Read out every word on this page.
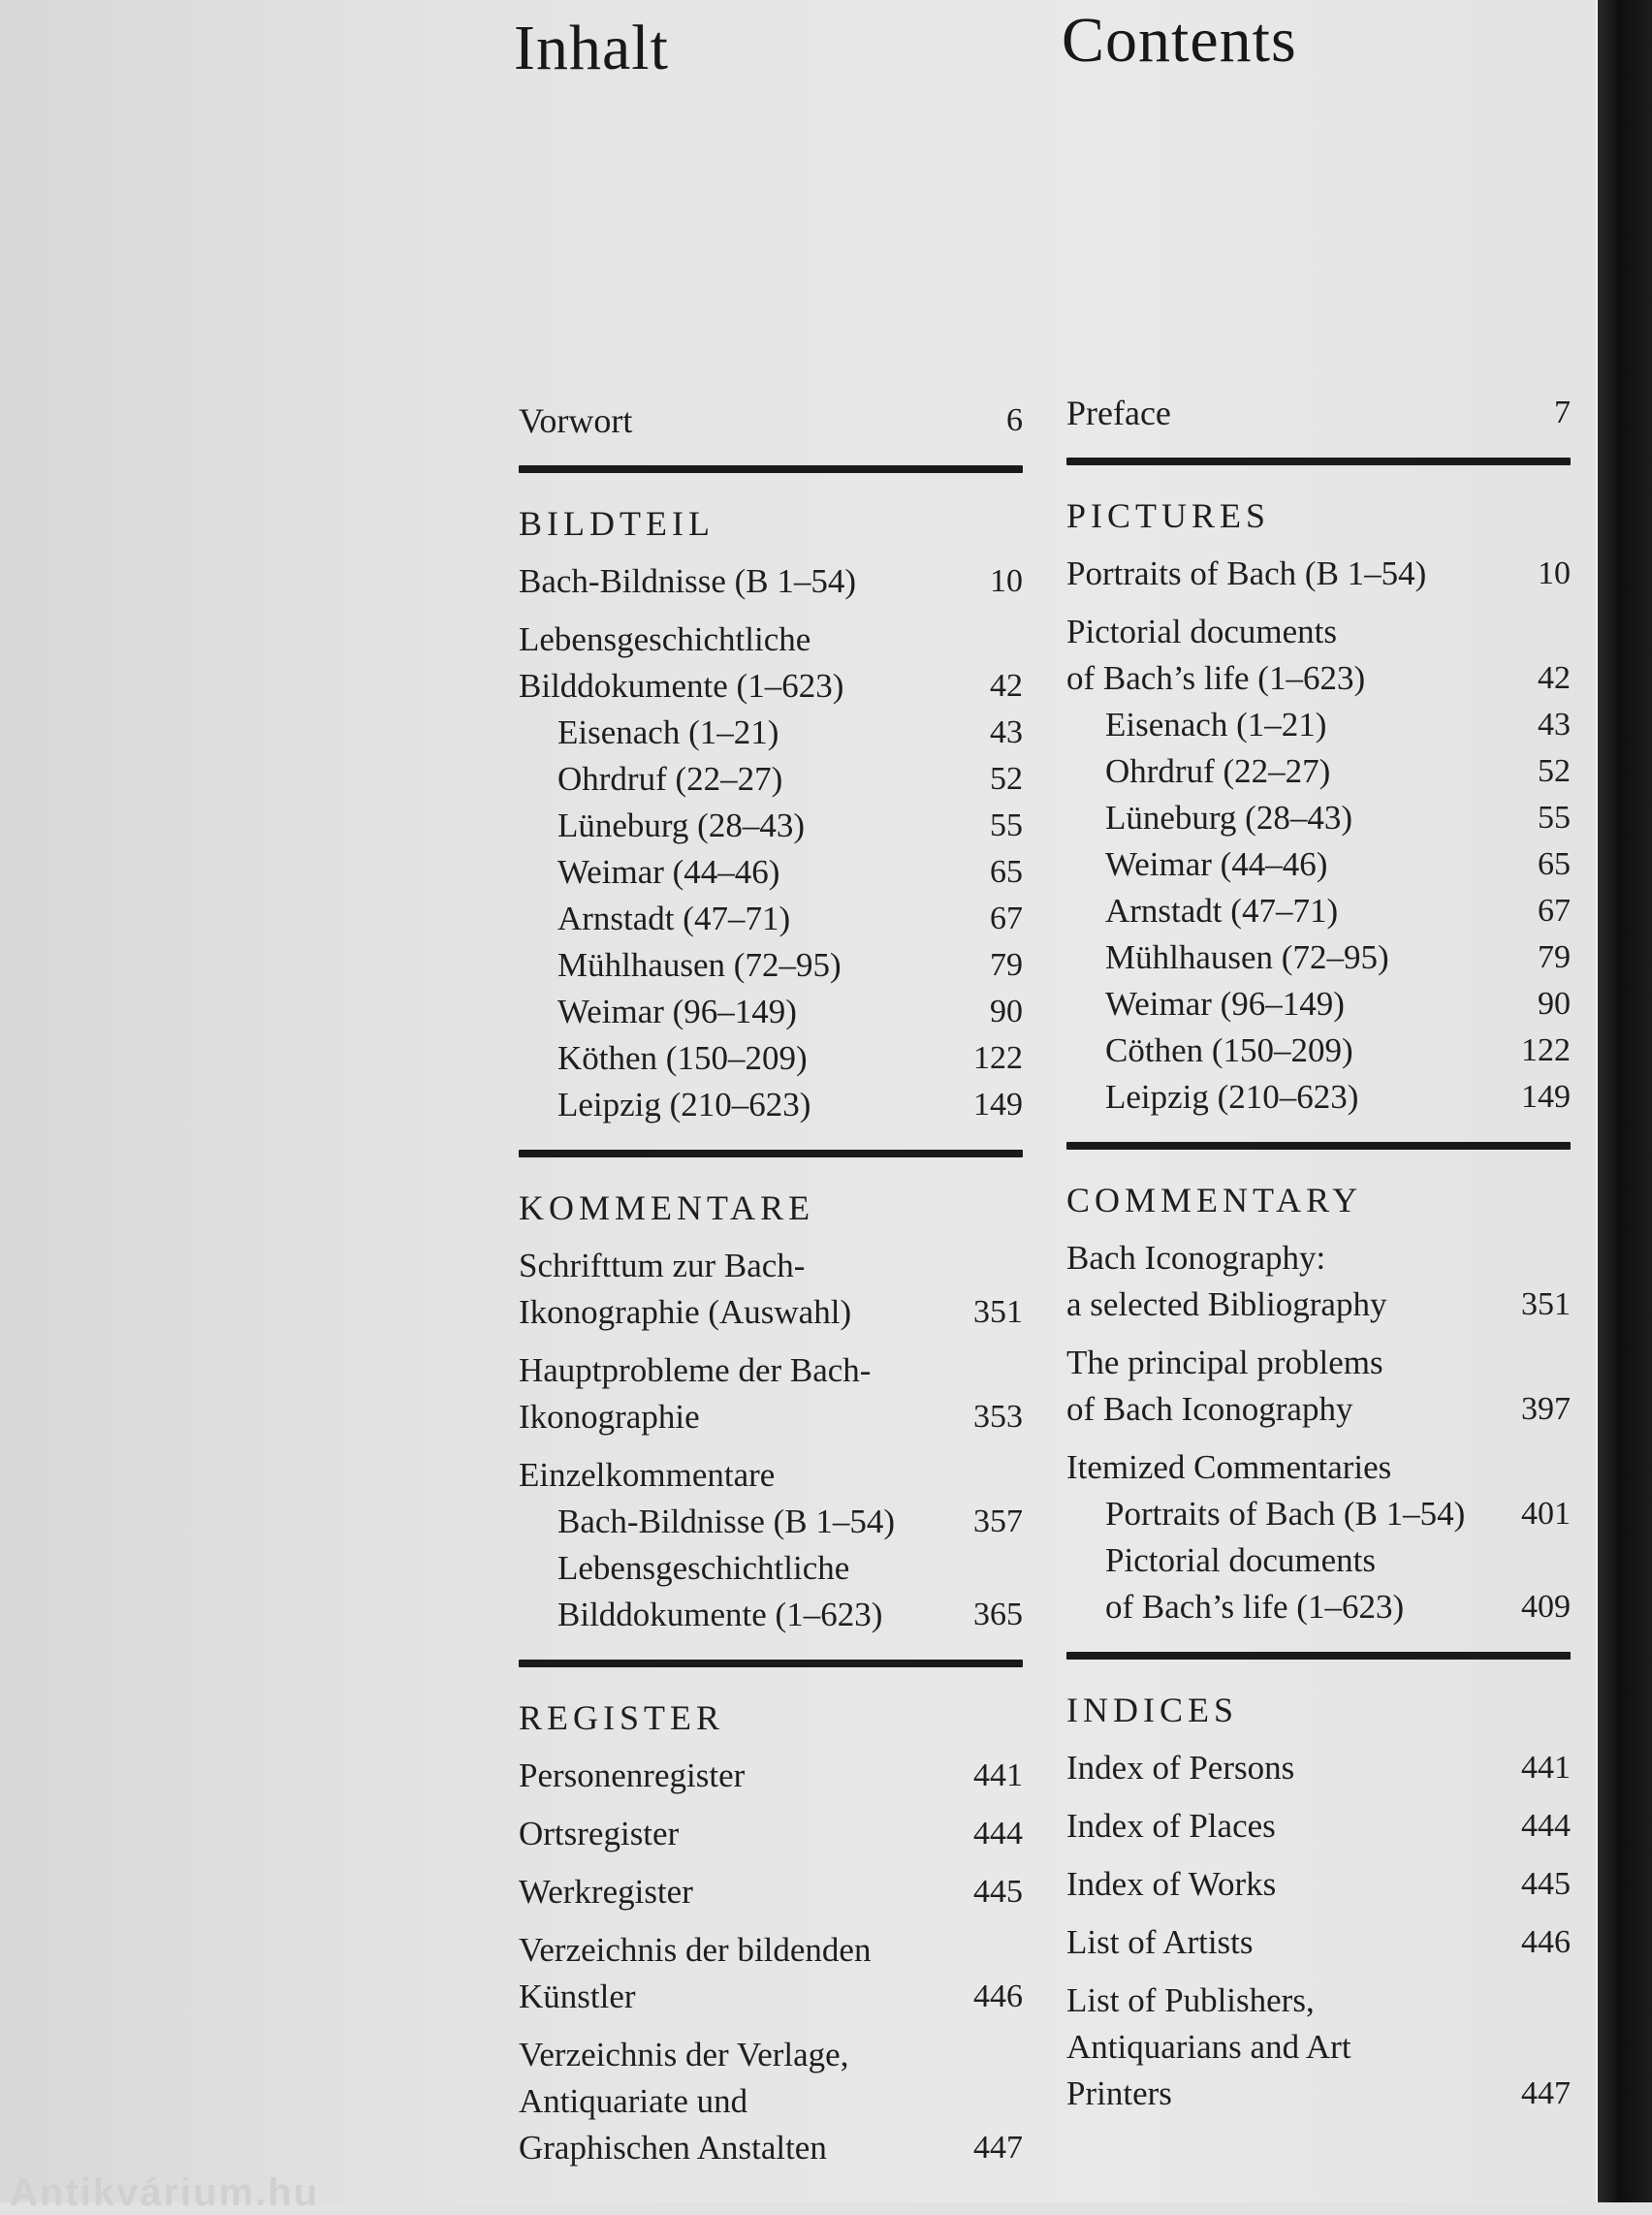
Inhalt	Contents
Vorwort	6
BILDTEIL
Bach-Bildnisse (B 1–54)	10
Lebensgeschichtliche
Bilddokumente (1–623)	42
Eisenach (1–21)	43
Ohrdruf (22–27)	52
Lüneburg (28–43)	55
Weimar (44–46)	65
Arnstadt (47–71)	67
Mühlhausen (72–95)	79
Weimar (96–149)	90
Köthen (150–209)	122
Leipzig (210–623)	149
KOMMENTARE
Schrifttum zur Bach-
Ikonographie (Auswahl)	351
Hauptprobleme der Bach-
Ikonographie	353
Einzelkommentare
Bach-Bildnisse (B 1–54) 357
Lebensgeschichtliche
Bilddokumente (1–623)	365
REGISTER
Personenregister	441
Ortsregister	444
Werkregister	445
Verzeichnis der bildenden
Künstler	446
Verzeichnis der Verlage,
Antiquariate und
Graphischen Anstalten	447
Preface	7
PICTURES
Portraits of Bach (B 1–54)	10
Pictorial documents
of Bach’s life (1–623)	42
Eisenach (1–21)	43
Ohrdruf (22–27)	52
Lüneburg (28–43)	55
Weimar (44–46)	65
Arnstadt (47–71)	67
Mühlhausen (72–95)	79
Weimar (96–149)	90
Cöthen (150–209)	122
Leipzig (210–623)	149
COMMENTARY
Bach Iconography:
a selected Bibliography	351
The principal problems
of Bach Iconography	397
Itemized Commentaries
Portraits of Bach (B 1–54) 401
Pictorial documents
of Bach’s life (1–623)	409
INDICES
Index of Persons	441
Index of Places	444
Index of Works	445
List of Artists	446
List of Publishers,
Antiquarians and Art
Printers	447
Antikvárium.hu
